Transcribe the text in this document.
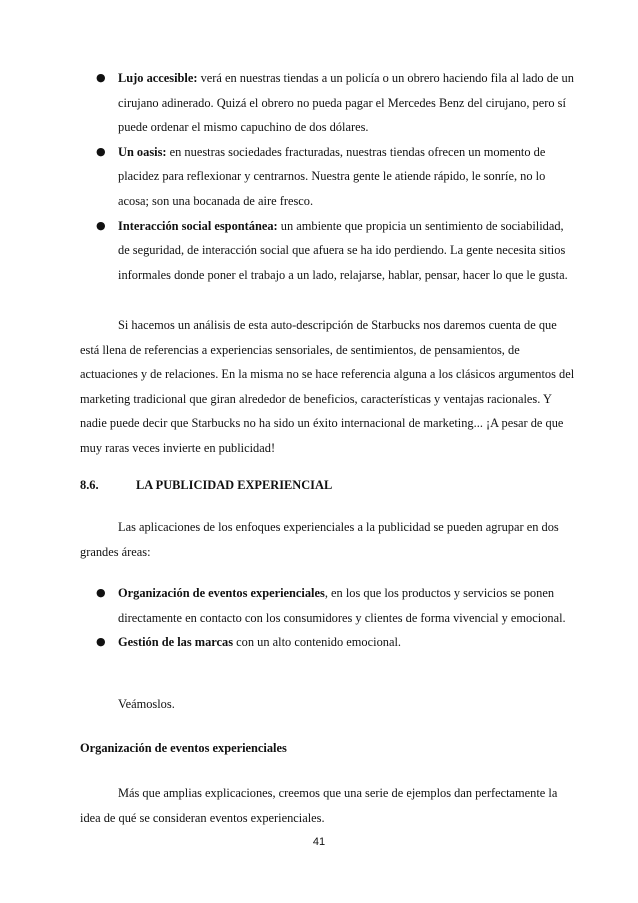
● Lujo accesible: verá en nuestras tiendas a un policía o un obrero haciendo fila al lado de un cirujano adinerado. Quizá el obrero no pueda pagar el Mercedes Benz del cirujano, pero sí puede ordenar el mismo capuchino de dos dólares.
● Un oasis: en nuestras sociedades fracturadas, nuestras tiendas ofrecen un momento de placidez para reflexionar y centrarnos. Nuestra gente le atiende rápido, le sonríe, no lo acosa; son una bocanada de aire fresco.
● Interacción social espontánea: un ambiente que propicia un sentimiento de sociabilidad, de seguridad, de interacción social que afuera se ha ido perdiendo. La gente necesita sitios informales donde poner el trabajo a un lado, relajarse, hablar, pensar, hacer lo que le gusta.

Si hacemos un análisis de esta auto-descripción de Starbucks nos daremos cuenta de que está llena de referencias a experiencias sensoriales, de sentimientos, de pensamientos, de actuaciones y de relaciones. En la misma no se hace referencia alguna a los clásicos argumentos del marketing tradicional que giran alrededor de beneficios, características y ventajas racionales. Y nadie puede decir que Starbucks no ha sido un éxito internacional de marketing... ¡A pesar de que muy raras veces invierte en publicidad!

8.6.	LA PUBLICIDAD EXPERIENCIAL

Las aplicaciones de los enfoques experienciales a la publicidad se pueden agrupar en dos grandes áreas:

● Organización de eventos experienciales, en los que los productos y servicios se ponen directamente en contacto con los consumidores y clientes de forma vivencial y emocional.
● Gestión de las marcas con un alto contenido emocional.

Veámoslos.

Organización de eventos experienciales

Más que amplias explicaciones, creemos que una serie de ejemplos dan perfectamente la idea de qué se consideran eventos experienciales.

41
